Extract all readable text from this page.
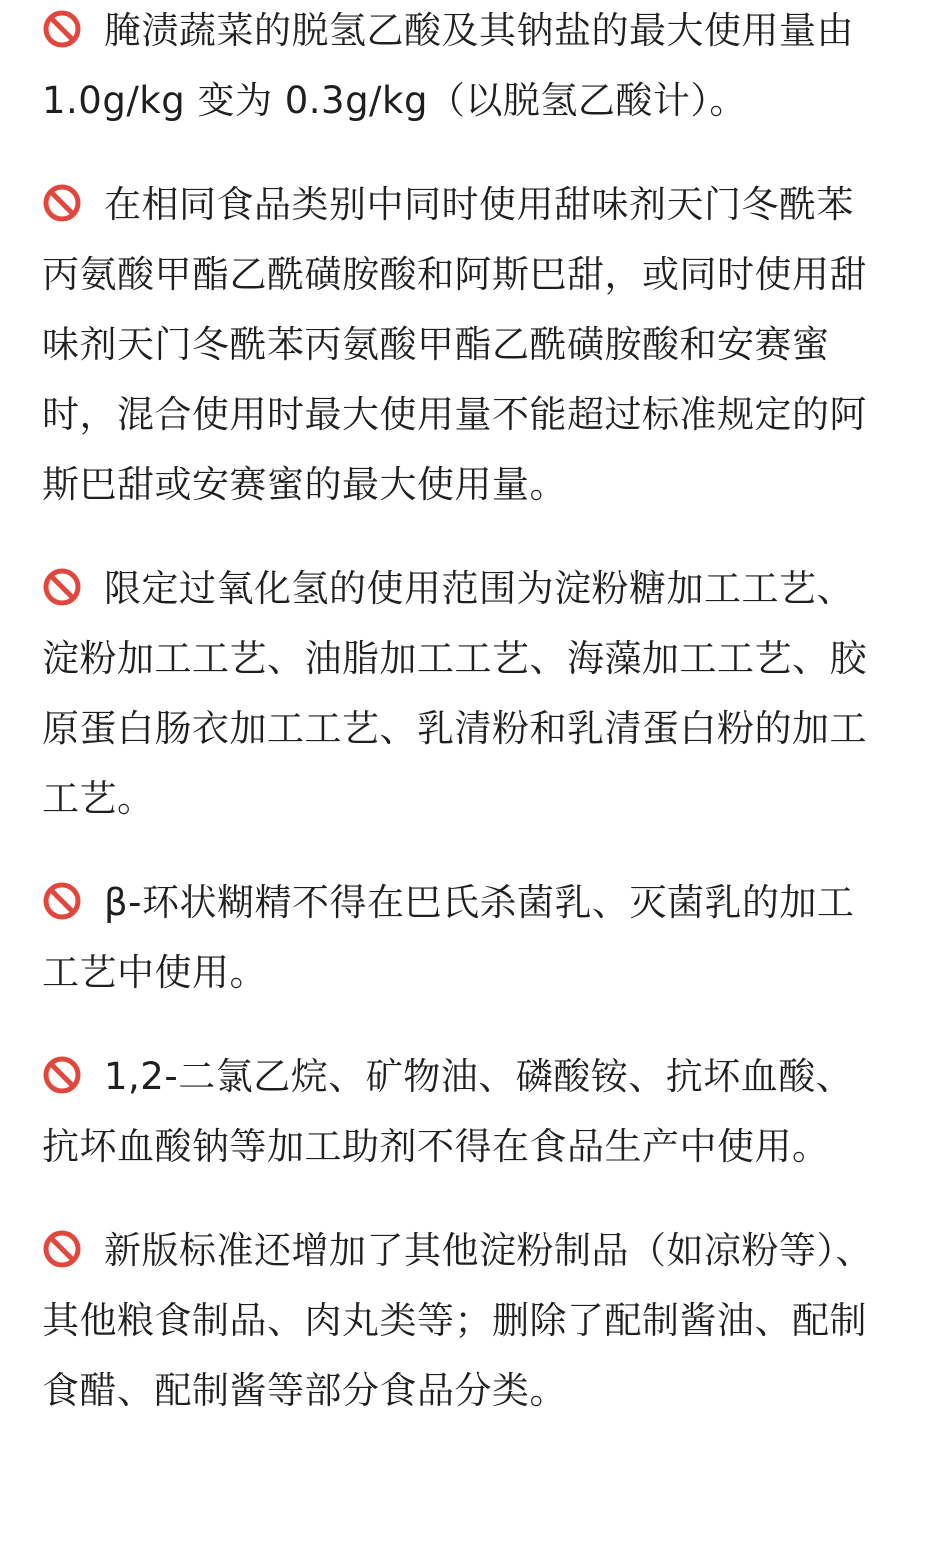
腌渍蔬菜的脱氢乙酸及其钠盐的最大使用量由 1.0g/kg 变为 0.3g/kg（以脱氢乙酸计）。

在相同食品类别中同时使用甜味剂天门冬酰苯丙氨酸甲酯乙酰磺胺酸和阿斯巴甜，或同时使用甜味剂天门冬酰苯丙氨酸甲酯乙酰磺胺酸和安赛蜜时，混合使用时最大使用量不能超过标准规定的阿斯巴甜或安赛蜜的最大使用量。

限定过氧化氢的使用范围为淀粉糖加工工艺、淀粉加工工艺、油脂加工工艺、海藻加工工艺、胶原蛋白肠衣加工工艺、乳清粉和乳清蛋白粉的加工工艺。

β-环状糊精不得在巴氏杀菌乳、灭菌乳的加工工艺中使用。

1,2-二氯乙烷、矿物油、磷酸铵、抗坏血酸、抗坏血酸钠等加工助剂不得在食品生产中使用。

新版标准还增加了其他淀粉制品（如凉粉等）、其他粮食制品、肉丸类等；删除了配制酱油、配制食醋、配制酱等部分食品分类。
